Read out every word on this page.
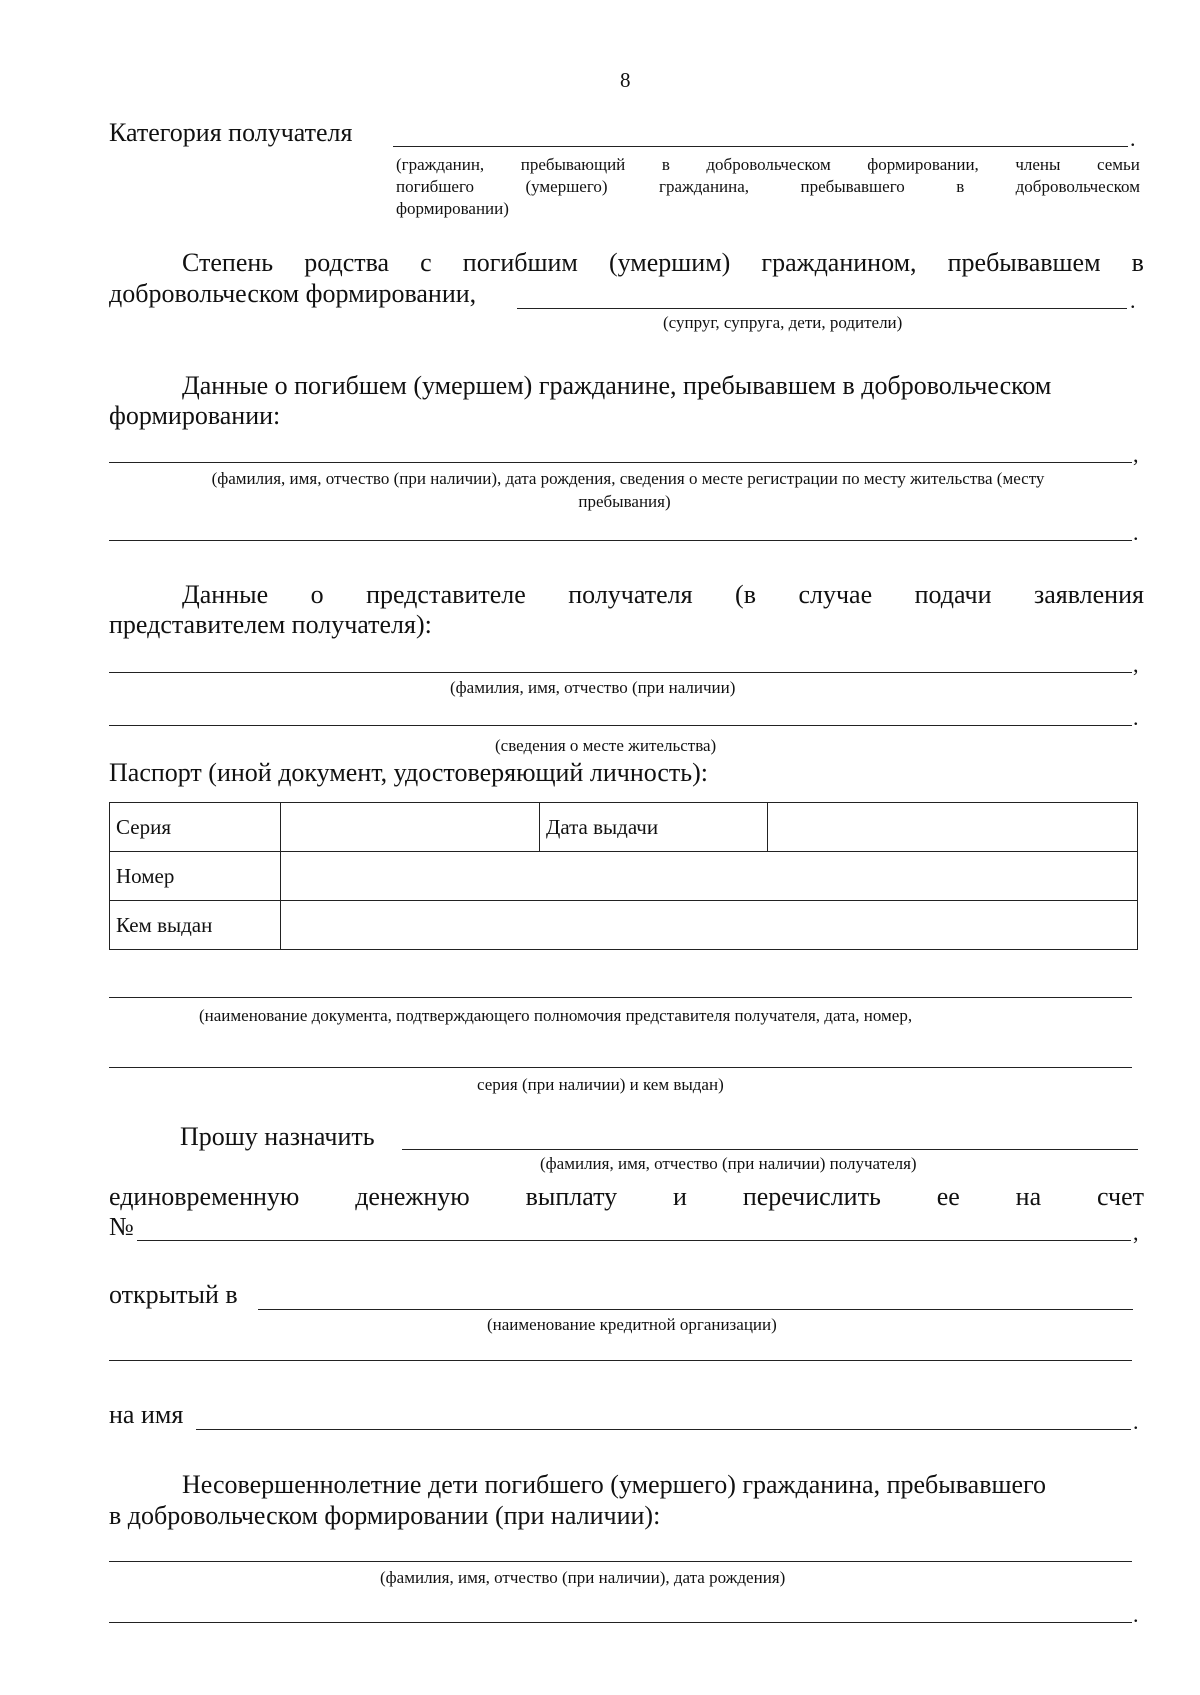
8
Категория получателя	.
(гражданин, пребывающий в добровольческом формировании, члены семьи
погибшего	(умершего)	гражданина,	пребывавшего	в	добровольческом
формировании)
Степень родства с погибшим (умершим) гражданином, пребывавшем в
добровольческом формировании,	.
(супруг, супруга, дети, родители)
Данные о погибшем (умершем) гражданине, пребывавшем в добровольческом
формировании:
,
(фамилия, имя, отчество (при наличии), дата рождения, сведения о месте регистрации по месту жительства (месту
пребывания)
.
Данные о представителе получателя (в случае подачи заявления
представителем получателя):
,
(фамилия, имя, отчество (при наличии)
.
(сведения о месте жительства)
Паспорт (иной документ, удостоверяющий личность):
Серия		Дата выдачи	
Номер			
Кем выдан			
(наименование документа, подтверждающего полномочия представителя получателя, дата, номер,
серия (при наличии) и кем выдан)
Прошу назначить
(фамилия, имя, отчество (при наличии) получателя)
единовременную денежную выплату и перечислить ее на счет
№	,
открытый в
(наименование кредитной организации)
на имя	.
Несовершеннолетние дети погибшего (умершего) гражданина, пребывавшего
в добровольческом формировании (при наличии):
(фамилия, имя, отчество (при наличии), дата рождения)
.
